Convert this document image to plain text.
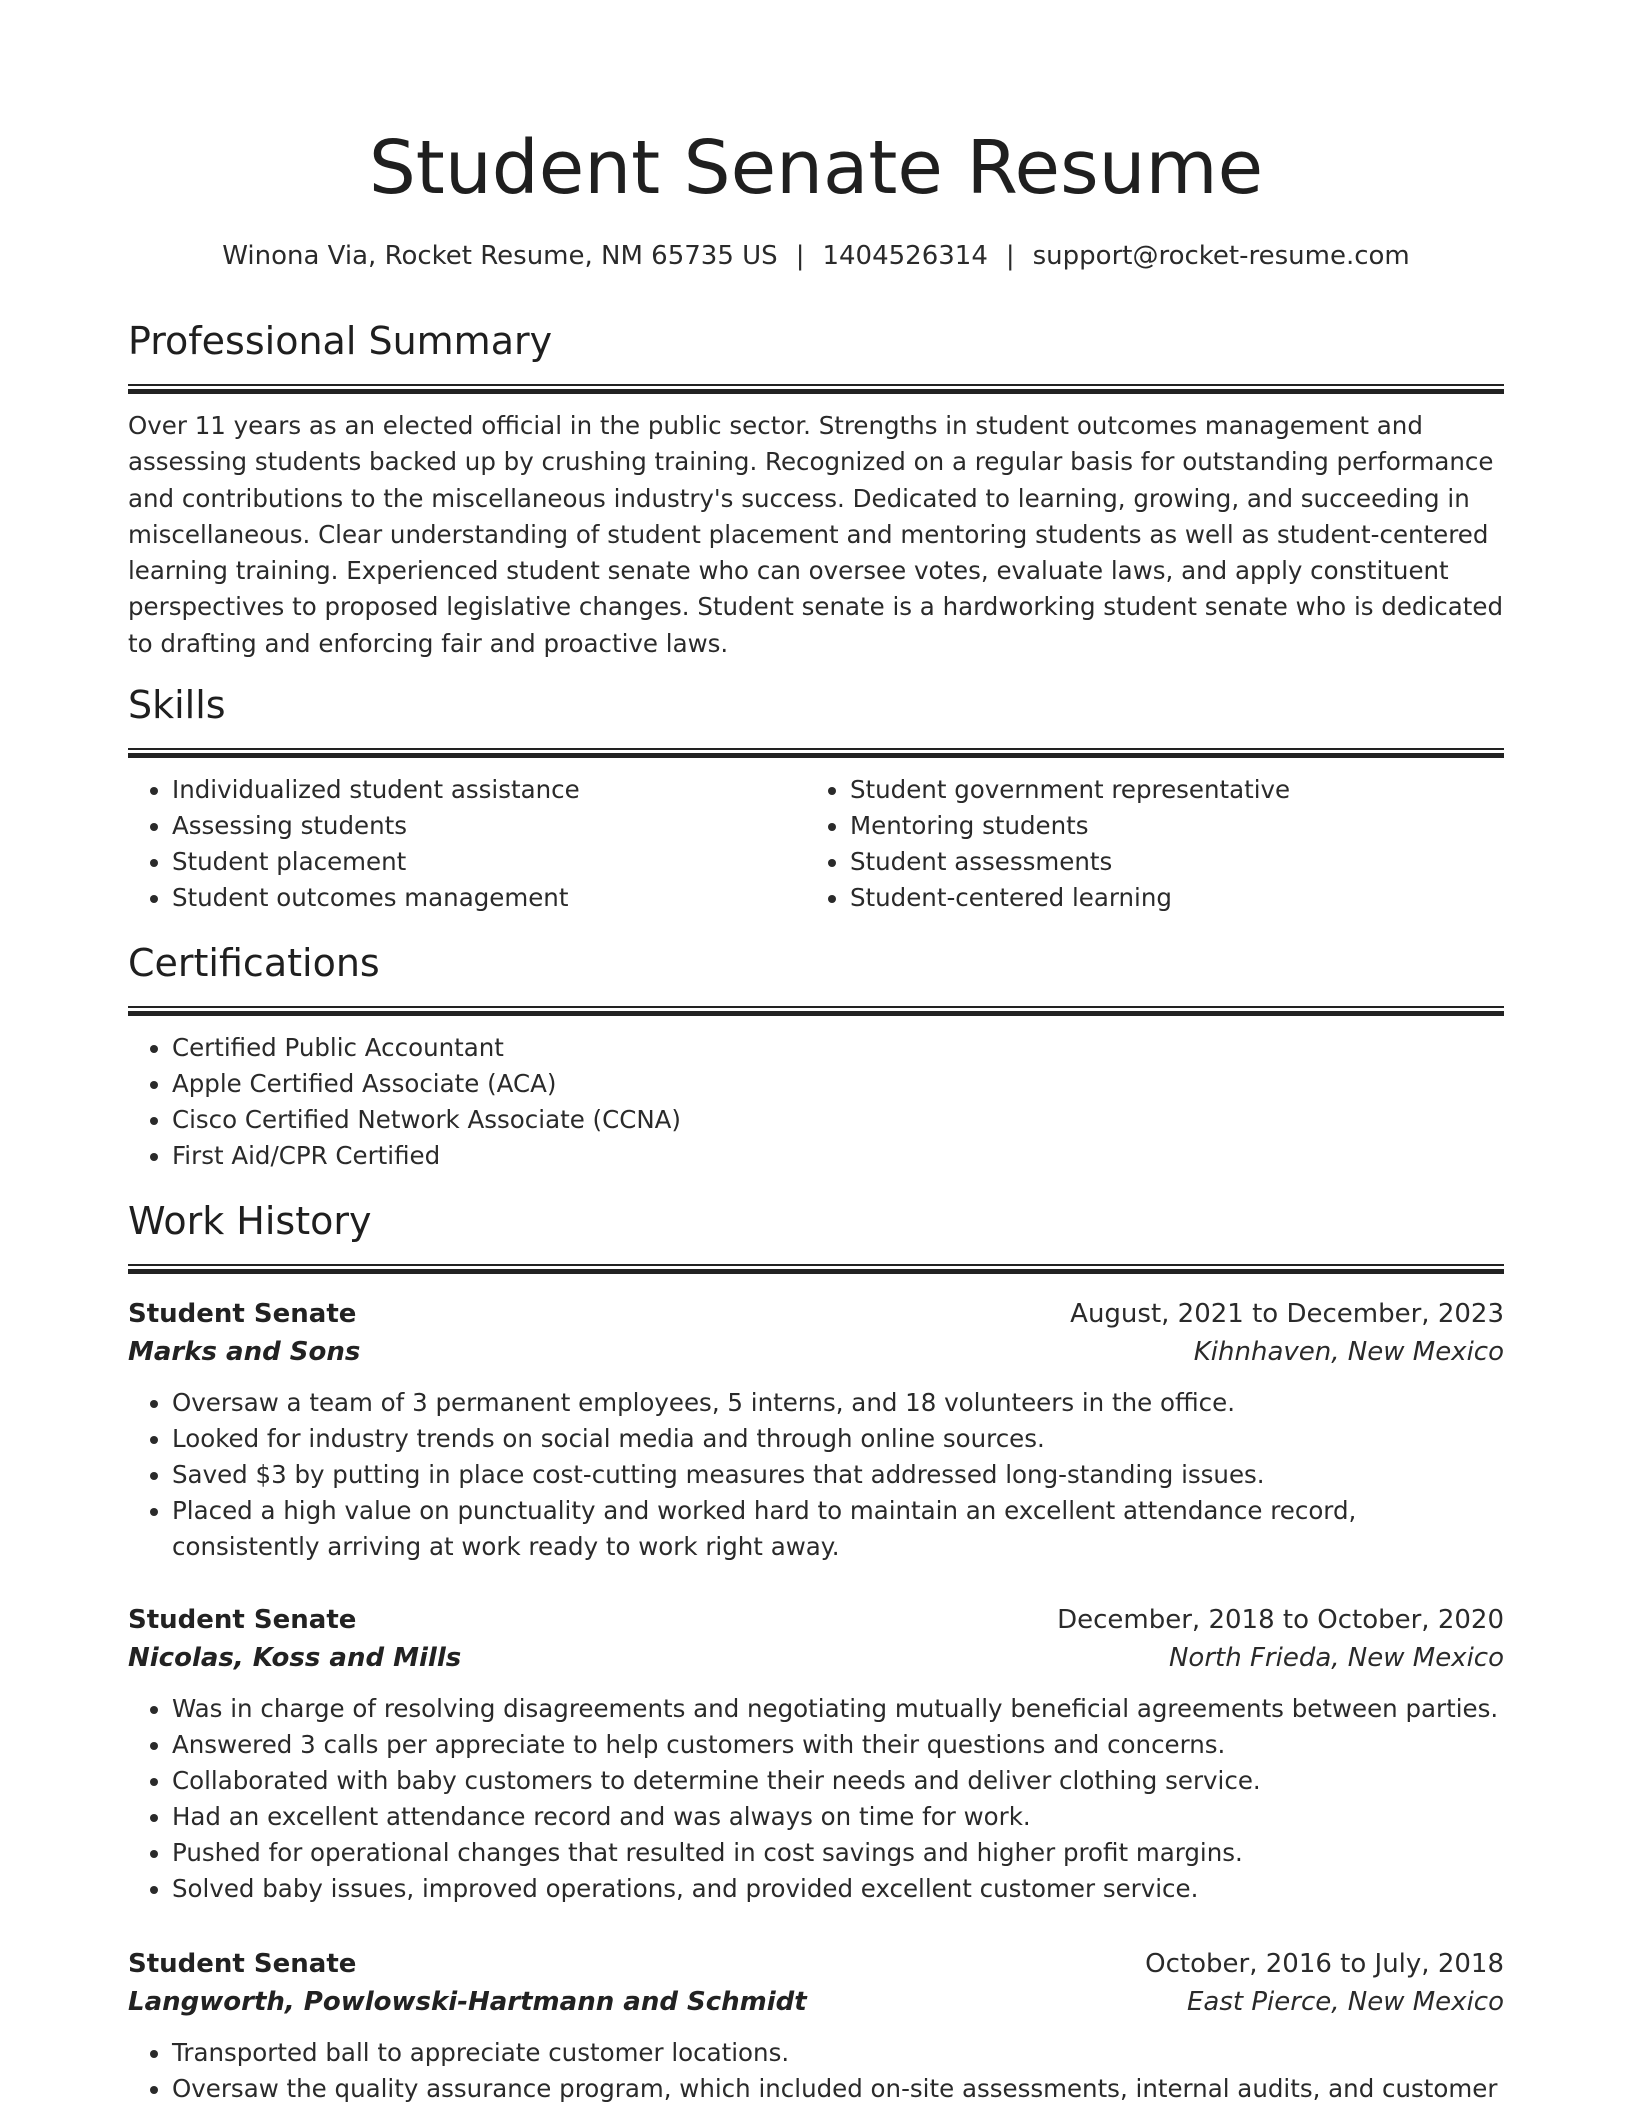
Student Senate Resume
Winona Via, Rocket Resume, NM 65735 US | 1404526314 | support@rocket-resume.com
Professional Summary

Over 11 years as an elected official in the public sector. Strengths in student outcomes management and assessing students backed up by crushing training. Recognized on a regular basis for outstanding performance and contributions to the miscellaneous industry's success. Dedicated to learning, growing, and succeeding in miscellaneous. Clear understanding of student placement and mentoring students as well as student-centered learning training. Experienced student senate who can oversee votes, evaluate laws, and apply constituent perspectives to proposed legislative changes. Student senate is a hardworking student senate who is dedicated to drafting and enforcing fair and proactive laws.

Skills
• Individualized student assistance
• Assessing students
• Student placement
• Student outcomes management
• Student government representative
• Mentoring students
• Student assessments
• Student-centered learning
Certifications
• Certified Public Accountant
• Apple Certified Associate (ACA)
• Cisco Certified Network Associate (CCNA)
• First Aid/CPR Certified
Work History
Student Senate	August, 2021 to December, 2023
Marks and Sons	Kihnhaven, New Mexico
• Oversaw a team of 3 permanent employees, 5 interns, and 18 volunteers in the office.
• Looked for industry trends on social media and through online sources.
• Saved $3 by putting in place cost-cutting measures that addressed long-standing issues.
• Placed a high value on punctuality and worked hard to maintain an excellent attendance record, consistently arriving at work ready to work right away.
Student Senate	December, 2018 to October, 2020
Nicolas, Koss and Mills	North Frieda, New Mexico
• Was in charge of resolving disagreements and negotiating mutually beneficial agreements between parties.
• Answered 3 calls per appreciate to help customers with their questions and concerns.
• Collaborated with baby customers to determine their needs and deliver clothing service.
• Had an excellent attendance record and was always on time for work.
• Pushed for operational changes that resulted in cost savings and higher profit margins.
• Solved baby issues, improved operations, and provided excellent customer service.
Student Senate	October, 2016 to July, 2018
Langworth, Powlowski-Hartmann and Schmidt	East Pierce, New Mexico
• Transported ball to appreciate customer locations.
• Oversaw the quality assurance program, which included on-site assessments, internal audits, and customer
